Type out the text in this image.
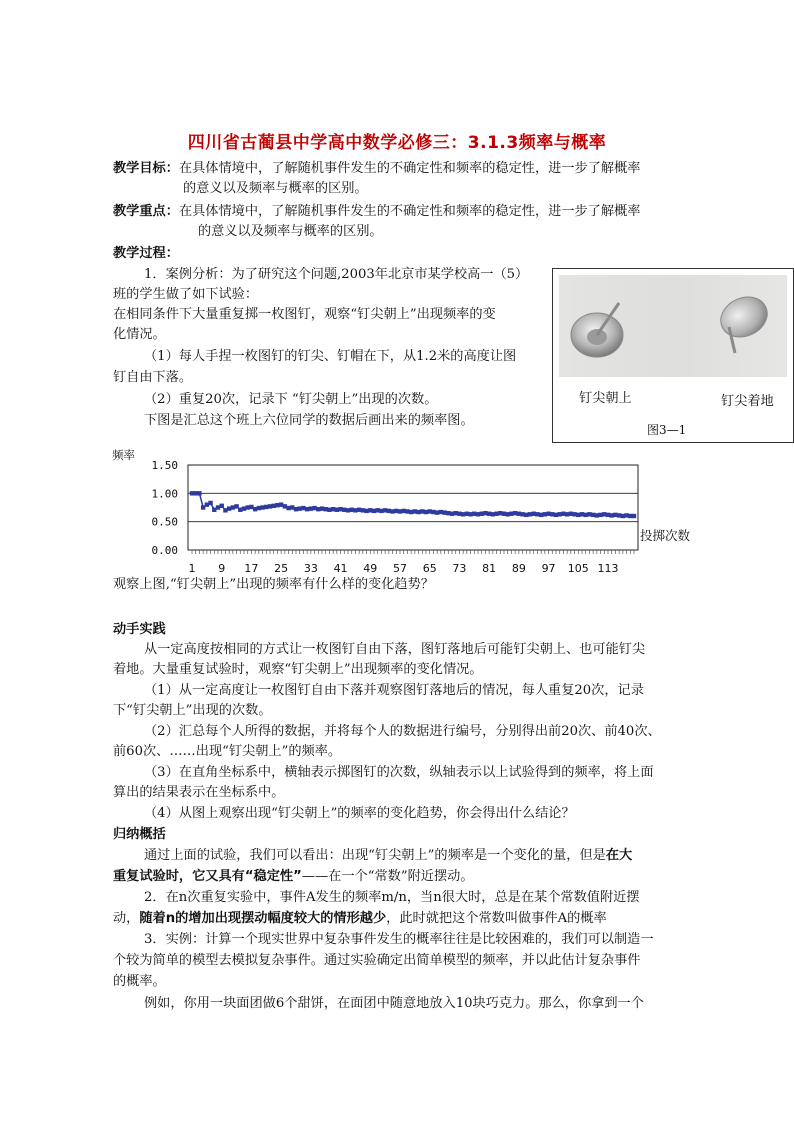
四川省古蔺县中学高中数学必修三：3.1.3频率与概率
教学目标：在具体情境中，了解随机事件发生的不确定性和频率的稳定性，进一步了解概率
的意义以及频率与概率的区别。
教学重点：在具体情境中，了解随机事件发生的不确定性和频率的稳定性，进一步了解概率
的意义以及频率与概率的区别。
教学过程：
1．案例分析：为了研究这个问题,2003年北京市某学校高一（5）
班的学生做了如下试验：
在相同条件下大量重复掷一枚图钉，观察“钉尖朝上”出现频率的变
化情况。
（1）每人手捏一枚图钉的钉尖、钉帽在下，从1.2米的高度让图
钉自由下落。
（2）重复20次，记录下 “钉尖朝上”出现的次数。
下图是汇总这个班上六位同学的数据后画出来的频率图。
钉尖朝上	钉尖着地
图3—1
频率
投掷次数
0.00
0.50
1.00
1.50
1 9 17 25 33 41 49 57 65 73 81 89 97 105 113
观察上图,“钉尖朝上”出现的频率有什么样的变化趋势？
动手实践
从一定高度按相同的方式让一枚图钉自由下落，图钉落地后可能钉尖朝上、也可能钉尖
着地。大量重复试验时，观察“钉尖朝上”出现频率的变化情况。
（1）从一定高度让一枚图钉自由下落并观察图钉落地后的情况，每人重复20次，记录
下“钉尖朝上”出现的次数。
（2）汇总每个人所得的数据，并将每个人的数据进行编号，分别得出前20次、前40次、
前60次、……出现“钉尖朝上”的频率。
（3）在直角坐标系中，横轴表示掷图钉的次数，纵轴表示以上试验得到的频率，将上面
算出的结果表示在坐标系中。
（4）从图上观察出现“钉尖朝上”的频率的变化趋势，你会得出什么结论？
归纳概括
通过上面的试验，我们可以看出：出现“钉尖朝上”的频率是一个变化的量，但是在大
重复试验时，它又具有“稳定性”——在一个“常数”附近摆动。
2．在n次重复实验中，事件A发生的频率m/n，当n很大时，总是在某个常数值附近摆
动，随着n的增加出现摆动幅度较大的情形越少，此时就把这个常数叫做事件A的概率
3．实例：计算一个现实世界中复杂事件发生的概率往往是比较困难的，我们可以制造一
个较为简单的模型去模拟复杂事件。通过实验确定出简单模型的频率，并以此估计复杂事件
的概率。
例如，你用一块面团做6个甜饼，在面团中随意地放入10块巧克力。那么，你拿到一个
